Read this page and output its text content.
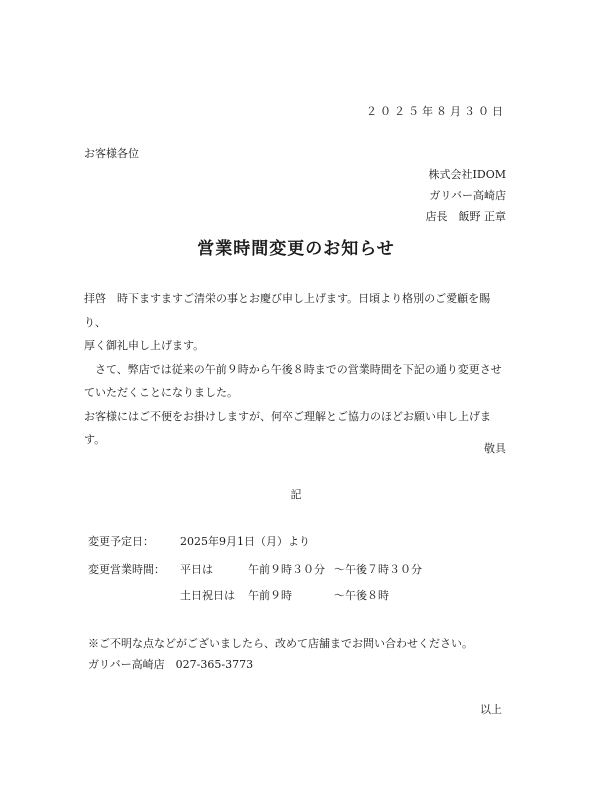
２０２５年８月３０日
お客様各位
株式会社IDOM
ガリバー高崎店
店長　飯野 正章
営業時間変更のお知らせ

拝啓　時下ますますご清栄の事とお慶び申し上げます。日頃より格別のご愛顧を賜り、

厚く御礼申し上げます。

さて、弊店では従来の午前９時から午後８時までの営業時間を下記の通り変更させ

ていただくことになりました。

お客様にはご不便をお掛けしますが、何卒ご理解とご協力のほどお願い申し上げま

す。

敬具
記
変更予定日： 2025年9月1日（月）より
変更営業時間： 平日は	午前９時３０分 〜午後７時３０分
土日祝日は 午前９時	〜午後８時
※ご不明な点などがございましたら、改めて店舗までお問い合わせください。
ガリバー高崎店　027-365-3773
以上
